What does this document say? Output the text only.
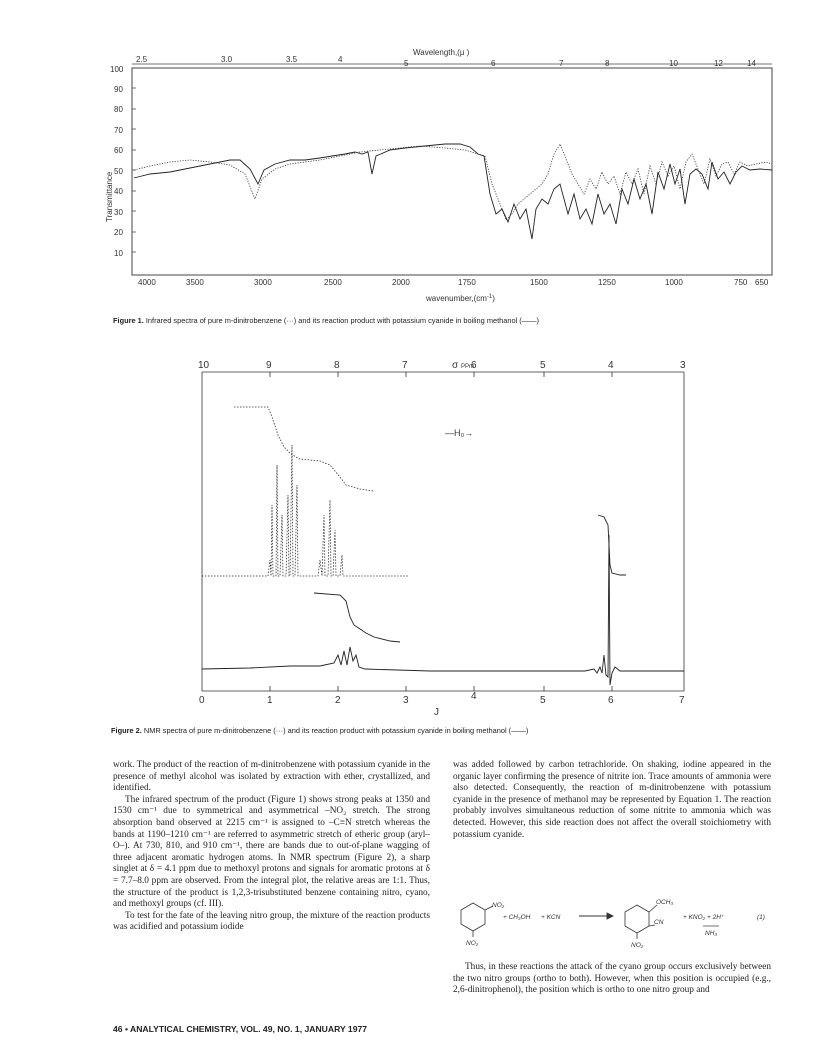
Wavelength,(μ )
2.5	3.0	3.5	4	5	6	7	8	10	12	14
100
90
80
70
60
50
40
30
20
10
Transmittance
4000	3500	3000	2500	2000	1750	1500	1250	1000	750 650
$wavenumber,(cm^{-1})$
Figure 1. Infrared spectra of pure m-dinitrobenzene (···) and its reaction product with potassium cyanide in boiling methanol (——)
σ PPm
10	9	8	7	6	5	4	3
0	1	2	3	4	5	6	7
J
—H₀→
Figure 2. NMR spectra of pure m-dinitrobenzene (···) and its reaction product with potassium cyanide in boiling methanol (——)

work. The product of the reaction of m-dinitrobenzene with potassium cyanide in the presence of methyl alcohol was isolated by extraction with ether, crystallized, and identified.

The infrared spectrum of the product (Figure 1) shows strong peaks at 1350 and 1530 cm⁻¹ due to symmetrical and asymmetrical –NO₂ stretch. The strong absorption band observed at 2215 cm⁻¹ is assigned to –C≡N stretch whereas the bands at 1190–1210 cm⁻¹ are referred to asymmetric stretch of etheric group (aryl–O–). At 730, 810, and 910 cm⁻¹, there are bands due to out-of-plane wagging of three adjacent aromatic hydrogen atoms. In NMR spectrum (Figure 2), a sharp singlet at δ = 4.1 ppm due to methoxyl protons and signals for aromatic protons at δ = 7.7–8.0 ppm are observed. From the integral plot, the relative areas are 1:1. Thus, the structure of the product is 1,2,3-trisubstituted benzene containing nitro, cyano, and methoxyl groups (cf. III).

To test for the fate of the leaving nitro group, the mixture of the reaction products was acidified and potassium iodide

was added followed by carbon tetrachloride. On shaking, iodine appeared in the organic layer confirming the presence of nitrite ion. Trace amounts of ammonia were also detected. Consequently, the reaction of m-dinitrobenzene with potassium cyanide in the presence of methanol may be represented by Equation 1. The reaction probably involves simultaneous reduction of some nitrite to ammonia which was detected. However, this side reaction does not affect the overall stoichiometry with potassium cyanide.

NO₂
NO₂
+ CH₃OH + KCN
OCH₃
CN
NO₂
+ KNO₂ + 2H⁺
NH₃
(1)

Thus, in these reactions the attack of the cyano group occurs exclusively between the two nitro groups (ortho to both). However, when this position is occupied (e.g., 2,6-dinitrophenol), the position which is ortho to one nitro group and

46 • ANALYTICAL CHEMISTRY, VOL. 49, NO. 1, JANUARY 1977
